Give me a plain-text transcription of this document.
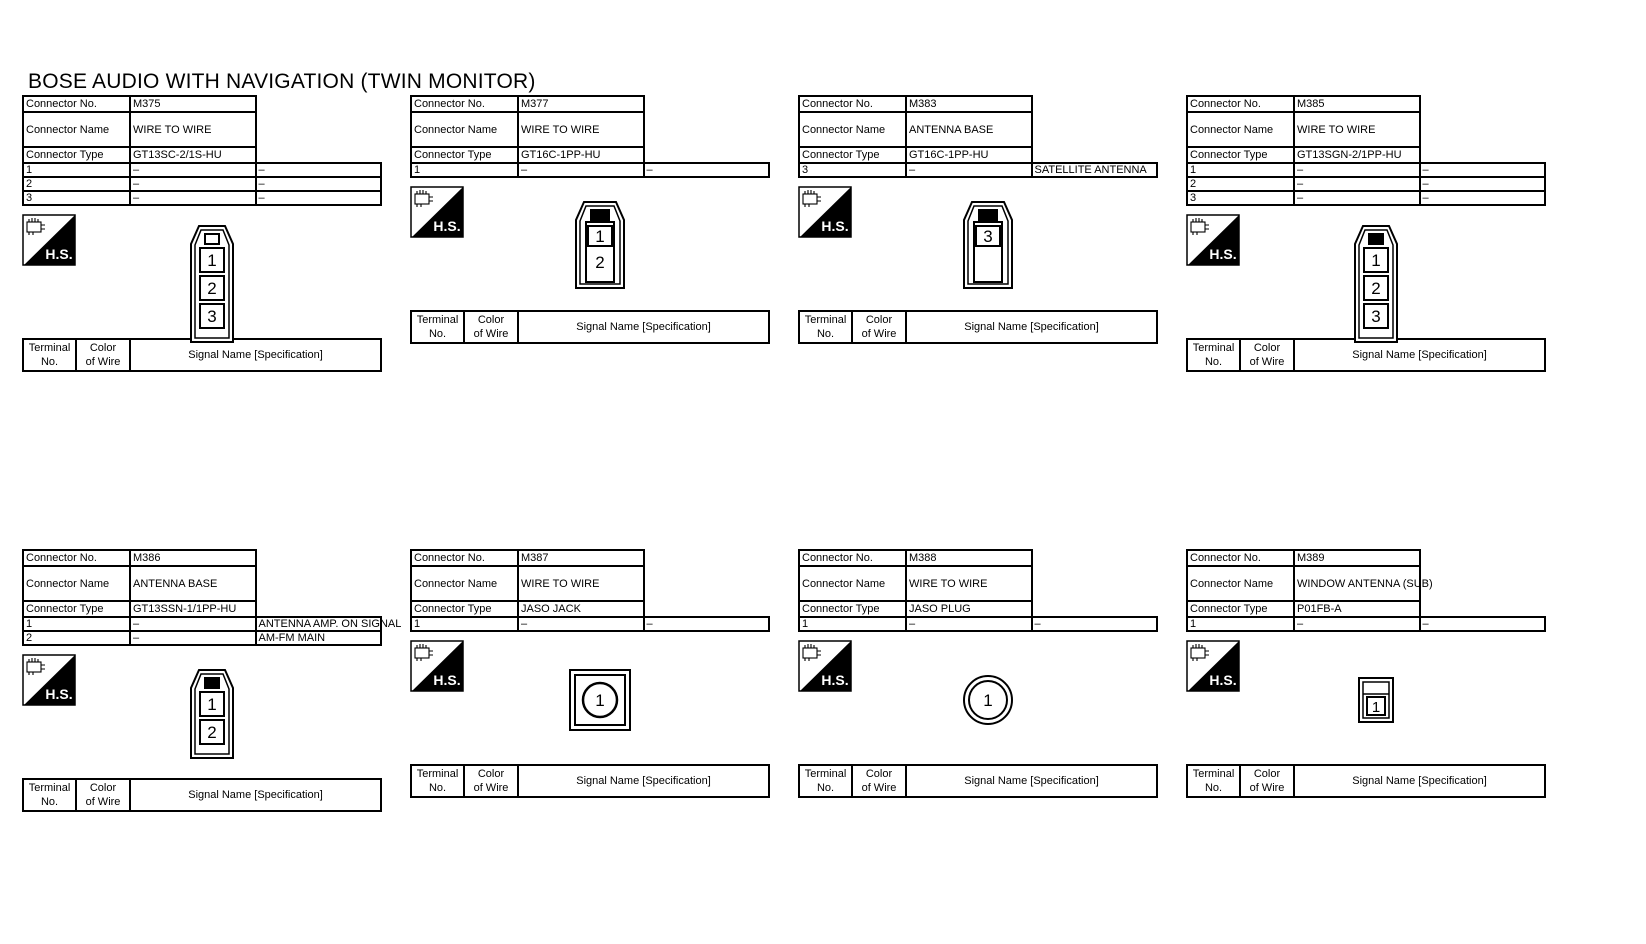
BOSE AUDIO WITH NAVIGATION (TWIN MONITOR)
Connector No.	M375	
Connector Name	WIRE TO WIRE	
Connector Type	GT13SC-2/1S-HU	
1	–	–
2	–	–
3	–	–
H.S.	1
2
3
Terminal
No.	Color
of Wire	Signal Name [Specification]
Connector No.	M377	
Connector Name	WIRE TO WIRE	
Connector Type	GT16C-1PP-HU	
1	–	–
H.S.
1
2
Terminal
No.	Color
of Wire	Signal Name [Specification]
Connector No.	M383	
Connector Name	ANTENNA BASE	
Connector Type	GT16C-1PP-HU	
3	–	SATELLITE ANTENNA
H.S.
3
Terminal
No.	Color
of Wire	Signal Name [Specification]
Connector No.	M385	
Connector Name	WIRE TO WIRE	
Connector Type	GT13SGN-2/1PP-HU	
1	–	–
2	–	–
3	–	–
H.S.	1
2
3
Terminal
No.	Color
of Wire	Signal Name [Specification]
Connector No.	M386	
Connector Name	ANTENNA BASE	
Connector Type	GT13SSN-1/1PP-HU	
1	–	ANTENNA AMP. ON SIGNAL
2	–	AM-FM MAIN
H.S.
1
2
Terminal
No.	Color
of Wire	Signal Name [Specification]
Connector No.	M387	
Connector Name	WIRE TO WIRE	
Connector Type	JASO JACK	
1	–	–
H.S.
1
Terminal
No.	Color
of Wire	Signal Name [Specification]
Connector No.	M388	
Connector Name	WIRE TO WIRE	
Connector Type	JASO PLUG	
1	–	–
H.S.
1
Terminal
No.	Color
of Wire	Signal Name [Specification]
Connector No.	M389	
Connector Name	WINDOW ANTENNA (SUB)	
Connector Type	P01FB-A	
1	–	–
H.S.
1
Terminal
No.	Color
of Wire	Signal Name [Specification]
